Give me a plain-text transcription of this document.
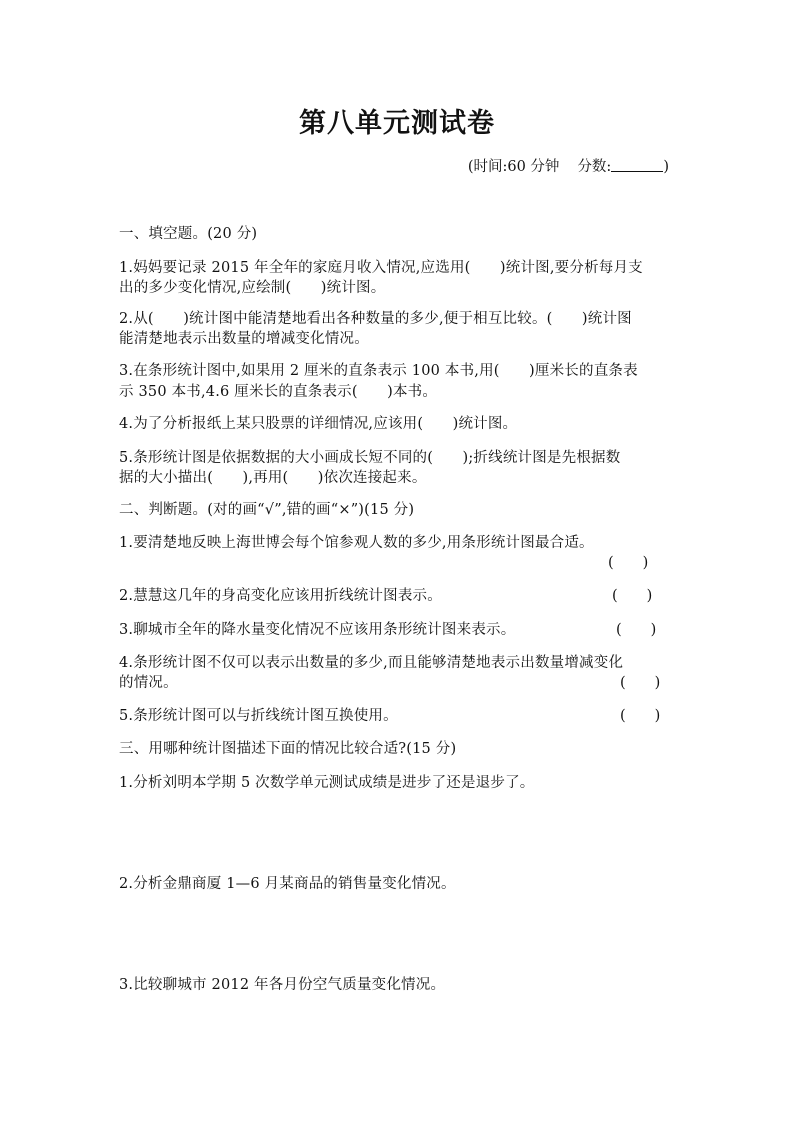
第八单元测试卷
(时间:60 分钟 分数:	)
一、填空题。(20 分)
1.妈妈要记录 2015 年全年的家庭月收入情况,应选用(　　)统计图,要分析每月支
出的多少变化情况,应绘制(　　)统计图。
2.从(　　)统计图中能清楚地看出各种数量的多少,便于相互比较。(　　)统计图
能清楚地表示出数量的增减变化情况。
3.在条形统计图中,如果用 2 厘米的直条表示 100 本书,用(　　)厘米长的直条表
示 350 本书,4.6 厘米长的直条表示(　　)本书。
4.为了分析报纸上某只股票的详细情况,应该用(　　)统计图。
5.条形统计图是依据数据的大小画成长短不同的(　　);折线统计图是先根据数
据的大小描出(　　),再用(　　)依次连接起来。
二、判断题。(对的画“√”,错的画“×”)(15 分)
1.要清楚地反映上海世博会每个馆参观人数的多少,用条形统计图最合适。
(　　)
2.慧慧这几年的身高变化应该用折线统计图表示。	(　　)
3.聊城市全年的降水量变化情况不应该用条形统计图来表示。	(　　)
4.条形统计图不仅可以表示出数量的多少,而且能够清楚地表示出数量增减变化
的情况。	(　　)
5.条形统计图可以与折线统计图互换使用。	(　　)
三、用哪种统计图描述下面的情况比较合适?(15 分)
1.分析刘明本学期 5 次数学单元测试成绩是进步了还是退步了。
2.分析金鼎商厦 1—6 月某商品的销售量变化情况。
3.比较聊城市 2012 年各月份空气质量变化情况。
